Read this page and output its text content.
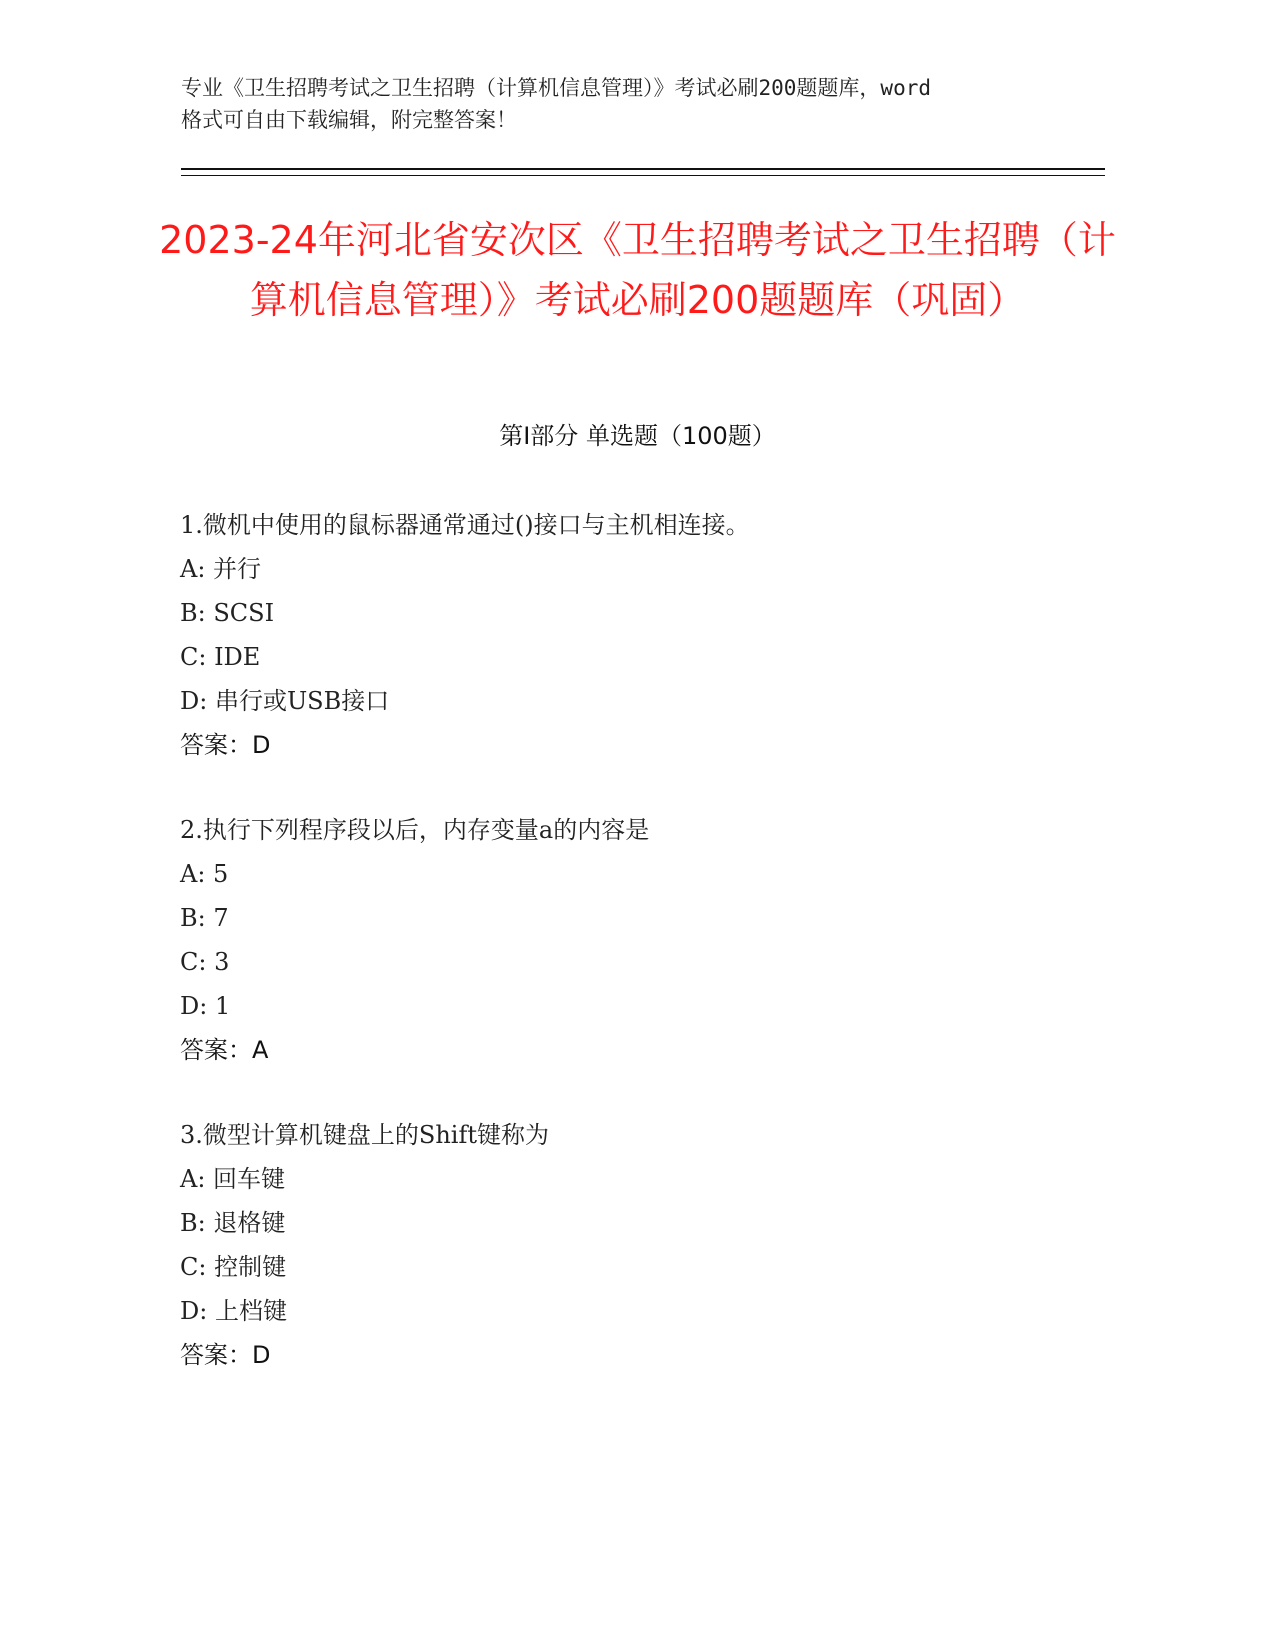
专业《卫生招聘考试之卫生招聘（计算机信息管理）》考试必刷200题题库，word
格式可自由下载编辑，附完整答案！
2023-24年河北省安次区《卫生招聘考试之卫生招聘（计算机信息管理）》考试必刷200题题库（巩固）
第Ⅰ部分 单选题（100题）
1.微机中使用的鼠标器通常通过()接口与主机相连接。
A: 并行
B: SCSI
C: IDE
D: 串行或USB接口
答案：D
2.执行下列程序段以后，内存变量a的内容是
A: 5
B: 7
C: 3
D: 1
答案：A
3.微型计算机键盘上的Shift键称为
A: 回车键
B: 退格键
C: 控制键
D: 上档键
答案：D
